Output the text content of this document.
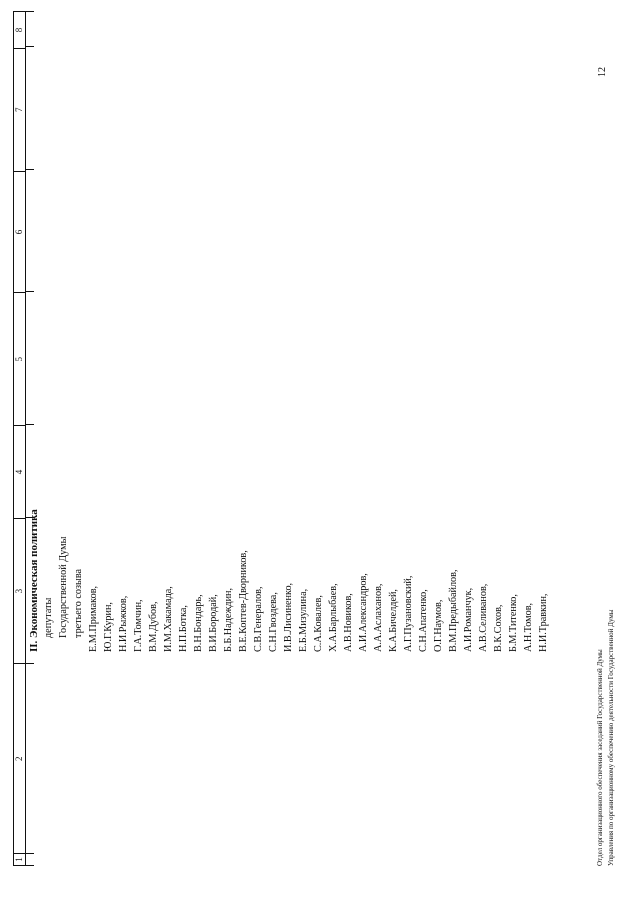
1
2
3
4
5
6
7
8
II. Экономическая политика депутаты Государственной Думы третьего созыва Е.М.Примаков, Ю.Г.Курин, Н.И.Рыжков, Г.А.Томчин, В.М.Дубов, И.М.Хакамада, Н.П.Ботка, В.Н.Бондарь, В.И.Бородай, Б.Б.Надеждин, В.Е.Коптев-Дворников, С.В.Генералов, С.Н.Гвоздева, И.В.Лисиненко, Е.Б.Мизулина, С.А.Ковалев, Х.А.Барлыбаев, А.В.Новиков, А.И.Александров, А.А.Аслаханов, К.А.Бичелдей, А.Г.Пузановский, С.Н.Апатенко, О.Г.Наумов, В.М.Предыбайлов, А.И.Романчук, А.В.Селиванов, В.К.Сохов, Б.М.Титенко, А.Н.Томов, Н.И.Травкин,
Отдел организационного обеспечения заседаний Государственной Думы Управления по организационному обеспечению деятельности Государственной Думы
12
